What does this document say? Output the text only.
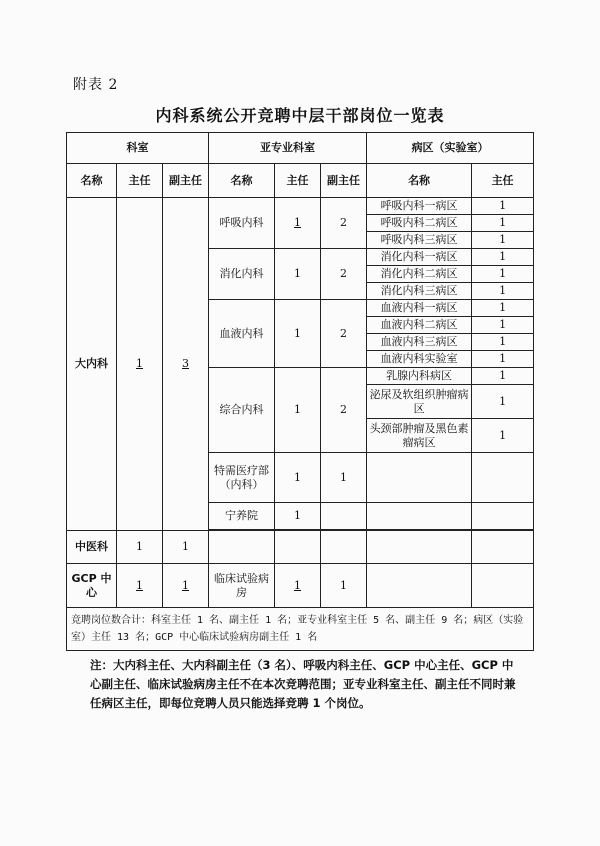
附表 2
内科系统公开竞聘中层干部岗位一览表
科室			亚专业科室			病区（实验室）	
名称	主任	副主任	名称	主任	副主任	名称	主任
大内科	1	3	呼吸内科	1	2	呼吸内科一病区	1
						呼吸内科二病区	1
						呼吸内科三病区	1
			消化内科	1	2	消化内科一病区	1
						消化内科二病区	1
						消化内科三病区	1
			血液内科	1	2	血液内科一病区	1
						血液内科二病区	1
						血液内科三病区	1
						血液内科实验室	1
			综合内科	1	2	乳腺内科病区	1
						泌尿及软组织肿瘤病区	1
						头颈部肿瘤及黑色素瘤病区	1
			特需医疗部（内科）	1	1		
			宁养院	1			

中医科	1	1					
GCP 中心	1	1	临床试验病房	1	1		
竞聘岗位数合计：科室主任 1 名、副主任 1 名；亚专业科室主任 5 名、副主任 9 名；病区（实验室）主任 13 名；GCP 中心临床试验病房副主任 1 名							
注：大内科主任、大内科副主任（3 名）、呼吸内科主任、GCP 中心主任、GCP 中心副主任、临床试验病房主任不在本次竞聘范围；亚专业科室主任、副主任不同时兼任病区主任，即每位竞聘人员只能选择竞聘 1 个岗位。
